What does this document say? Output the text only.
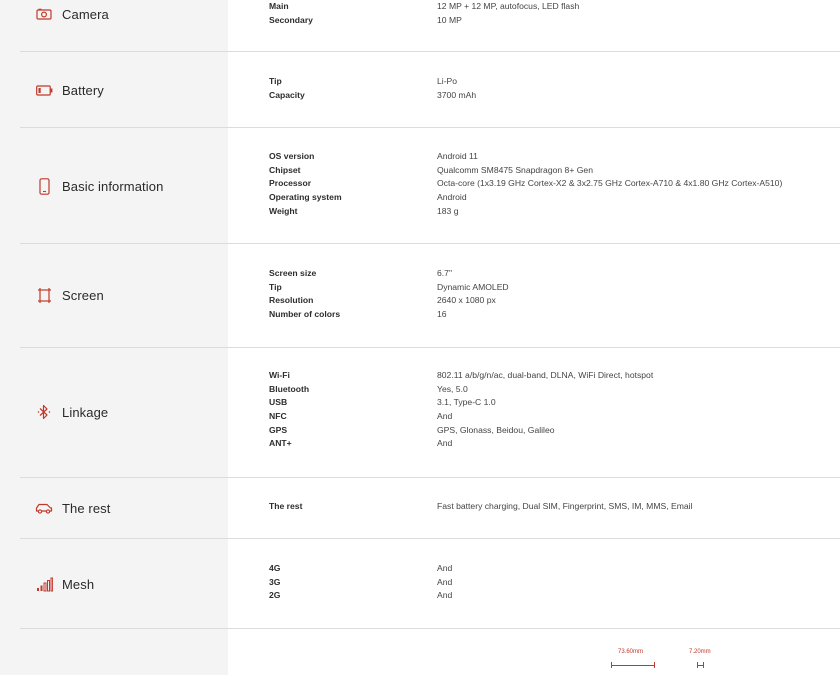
Camera
Main	12 MP + 12 MP, autofocus, LED flash
Secondary	10 MP
Battery
Tip	Li-Po
Capacity	3700 mAh
Basic information
OS version	Android 11
Chipset	Qualcomm SM8475 Snapdragon 8+ Gen
Processor	Octa-core (1x3.19 GHz Cortex-X2 & 3x2.75 GHz Cortex-A710 & 4x1.80 GHz Cortex-A510)
Operating system	Android
Weight	183 g
Screen
Screen size	6.7"
Tip	Dynamic AMOLED
Resolution	2640 x 1080 px
Number of colors	16
Linkage
Wi-Fi	802.11 a/b/g/n/ac, dual-band, DLNA, WiFi Direct, hotspot
Bluetooth	Yes, 5.0
USB	3.1, Type-C 1.0
NFC	And
GPS	GPS, Glonass, Beidou, Galileo
ANT+	And
The rest	The rest	Fast battery charging, Dual SIM, Fingerprint, SMS, IM, MMS, Email
Mesh
4G	And
3G	And
2G	And
73.60mm	7.20mm
